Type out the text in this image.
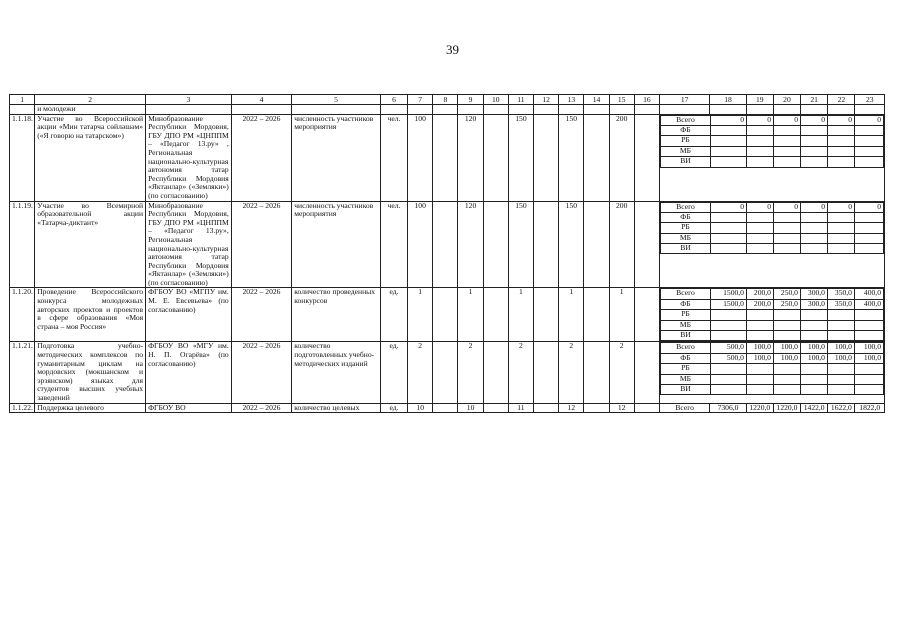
39
1	2	3	4	5	6	7	8	9	10	11	12	13	14	15	16	17	18	19	20	21	22	23
	и молодежи																					
1.1.18.	Участие во Всероссийской акции «Мин татарча сөйләшәм» («Я говорю на татарском»)	Минобразование Республики Мордовия, ГБУ ДПО РМ «ЦНППМ – «Педагог 13.ру» , Региональная национально-культурная автономия татар Республики Мордовия «Яктанлар» («Земляки») (по согласованию)	2022 – 2026	численность участников мероприятия	чел.	100		120		150		150		200			Всего	0	0	0	0	0	0
ФБ						
РБ						
МБ						
ВИ						

1.1.19.	Участие во Всемирной образовательной акции «Татарча-диктант»	Минобразование Республики Мордовия, ГБУ ДПО РМ «ЦНППМ – «Педагог 13.ру», Региональная национально-культурная автономия татар Республики Мордовия «Яктанлар» («Земляки») (по согласованию)	2022 – 2026	численность участников мероприятия	чел.	100		120		150		150		200			Всего	0	0	0	0	0	0
ФБ						
РБ						
МБ						
ВИ						

1.1.20.	Проведение Всероссийского конкурса молодежных авторских проектов и проектов в сфере образования «Моя страна – моя Россия»	ФГБОУ ВО «МГПУ им. М. Е. Евсевьева» (по согласованию)	2022 – 2026	количество проведенных конкурсов	ед.	1		1		1		1		1			Всего	1500,0	200,0	250,0	300,0	350,0	400,0
ФБ	1500,0	200,0	250,0	300,0	350,0	400,0
РБ						
МБ						
ВИ						

1.1.21.	Подготовка учебно-методических комплексов по гуманитарным циклам на мордовских (мокшанском и эрзянском) языках для студентов высших учебных заведений	ФГБОУ ВО «МГУ им. Н. П. Огарёва» (по согласованию)	2022 – 2026	количество подготовленных учебно-методических изданий	ед.	2		2		2		2		2			Всего	500,0	100,0	100,0	100,0	100,0	100,0
ФБ	500,0	100,0	100,0	100,0	100,0	100,0
РБ						
МБ						
ВИ						

1.1.22.	Поддержка целевого	ФГБОУ ВО	2022 – 2026	количество целевых	ед.	10		10		11		12		12		Всего	7306,0	1220,0	1220,0	1422,0	1622,0	1822,0
